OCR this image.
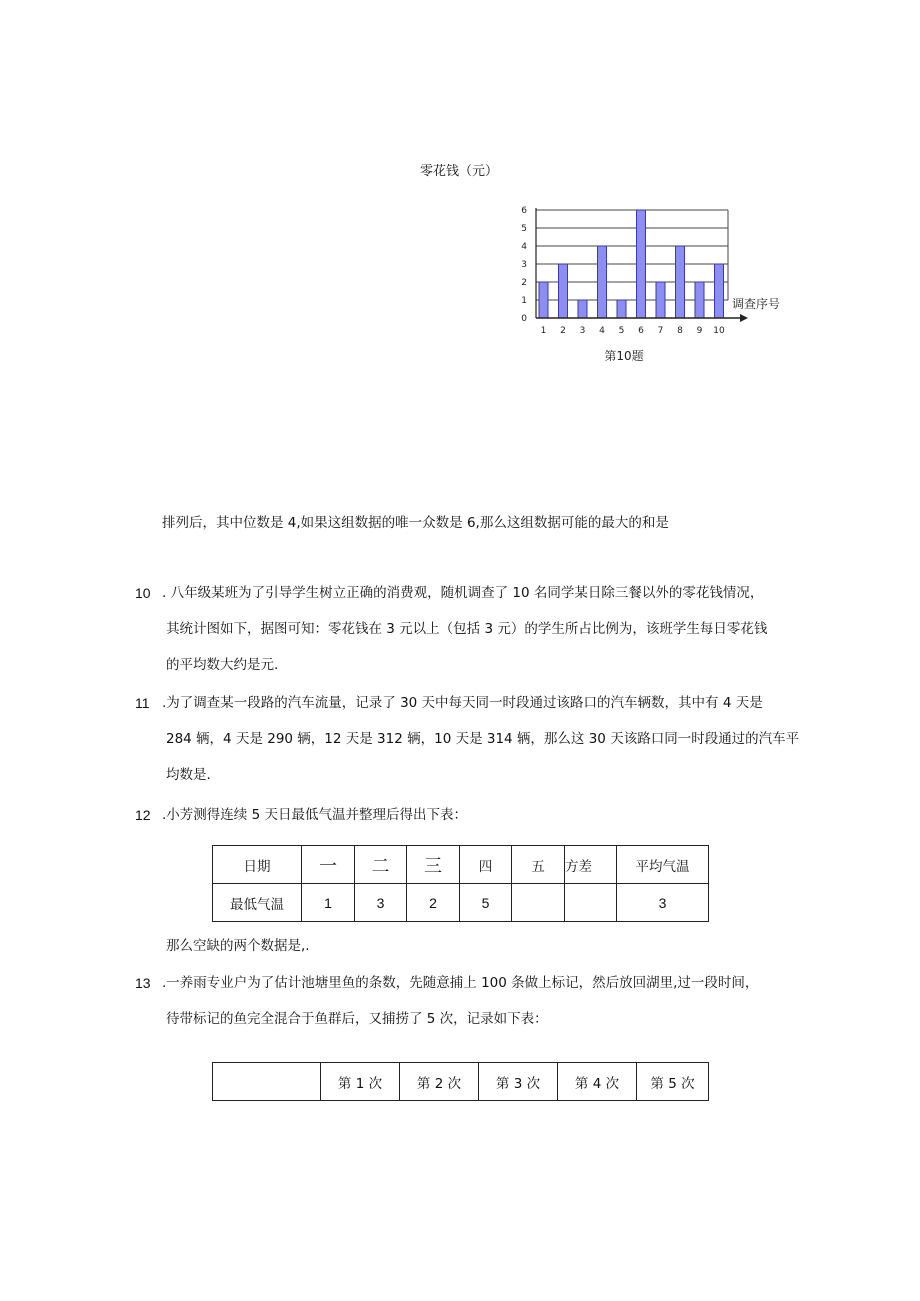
零花钱（元）
0
1
2
3
4
5
6
1 2 3 4 5 6 7 8 9 10
调查序号
第10题
排列后，其中位数是 4,如果这组数据的唯一众数是 6,那么这组数据可能的最大的和是
10 . 八年级某班为了引导学生树立正确的消费观，随机调查了 10 名同学某日除三餐以外的零花钱情况，
其统计图如下，据图可知：零花钱在 3 元以上（包括 3 元）的学生所占比例为，该班学生每日零花钱
的平均数大约是元.
11 .为了调查某一段路的汽车流量，记录了 30 天中每天同一时段通过该路口的汽车辆数，其中有 4 天是
284 辆，4 天是 290 辆，12 天是 312 辆，10 天是 314 辆，那么这 30 天该路口同一时段通过的汽车平
均数是.
12 .小芳测得连续 5 天日最低气温并整理后得出下表：
日期	一	二	三	四	五	方差	平均气温
最低气温	1	3	2	5			3
那么空缺的两个数据是,.
13 .一养雨专业户为了估计池塘里鱼的条数，先随意捕上 100 条做上标记，然后放回湖里,过一段时间，
待带标记的鱼完全混合于鱼群后，又捕捞了 5 次，记录如下表：
	第 1 次	第 2 次	第 3 次	第 4 次	第 5 次
